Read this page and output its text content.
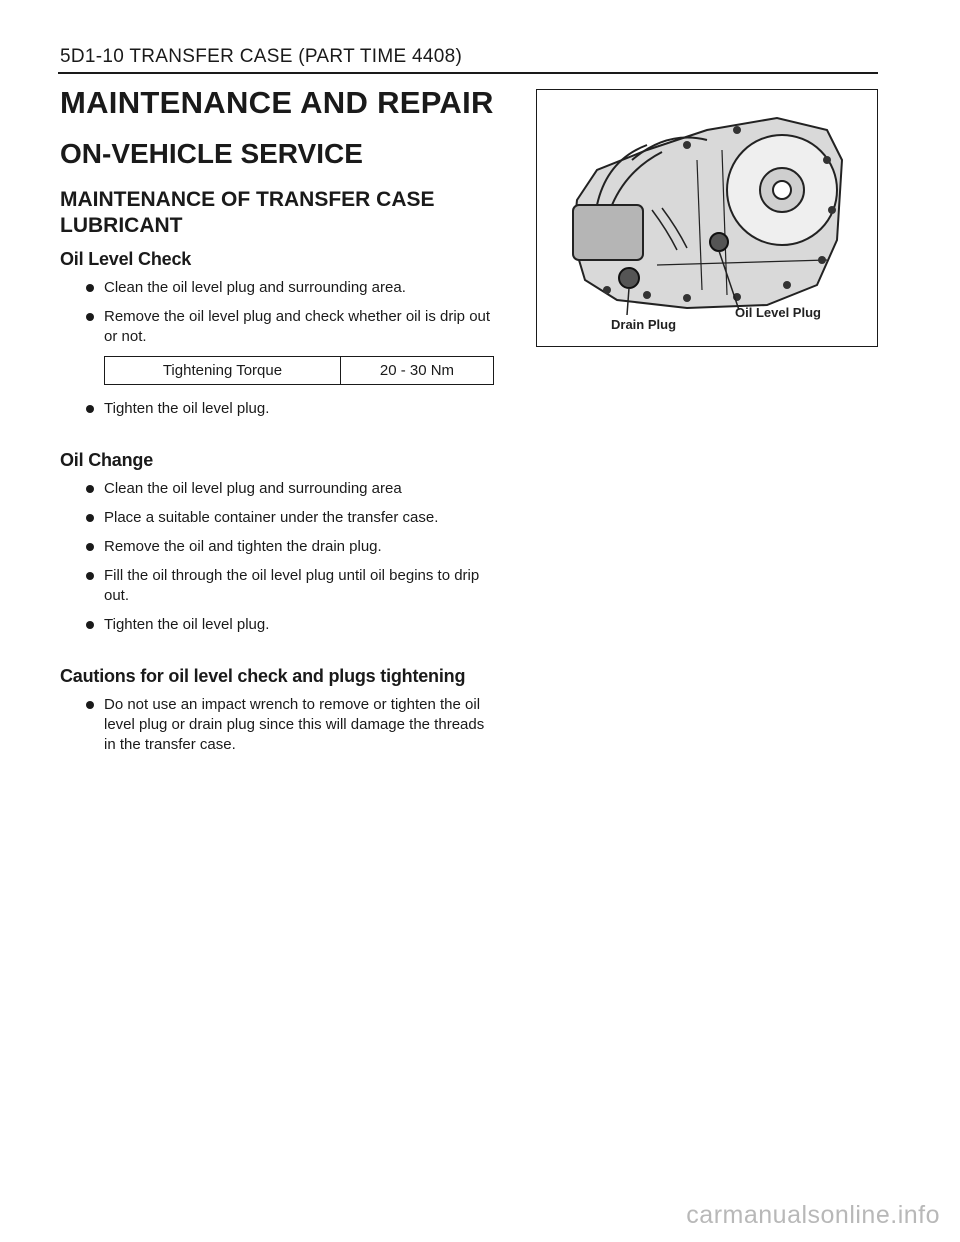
5D1-10 TRANSFER CASE (PART TIME 4408)
MAINTENANCE AND REPAIR
ON-VEHICLE SERVICE
MAINTENANCE OF TRANSFER CASE LUBRICANT
Oil Level Check
Clean the oil level plug and surrounding area.
Remove the oil level plug and check whether oil is drip out or not.
Tightening Torque	20 - 30 Nm
Tighten the oil level plug.
Oil Change
Clean the oil level plug and surrounding area
Place a suitable container under the transfer case.
Remove the oil and tighten the drain plug.
Fill the oil through the oil level plug until oil begins to drip out.
Tighten the oil level plug.
Cautions for oil level check and plugs tightening
Do not use an impact wrench to remove or tighten the oil level plug or drain plug since this will damage the threads in the transfer case.
Drain Plug
Oil Level Plug
carmanualsonline.info
